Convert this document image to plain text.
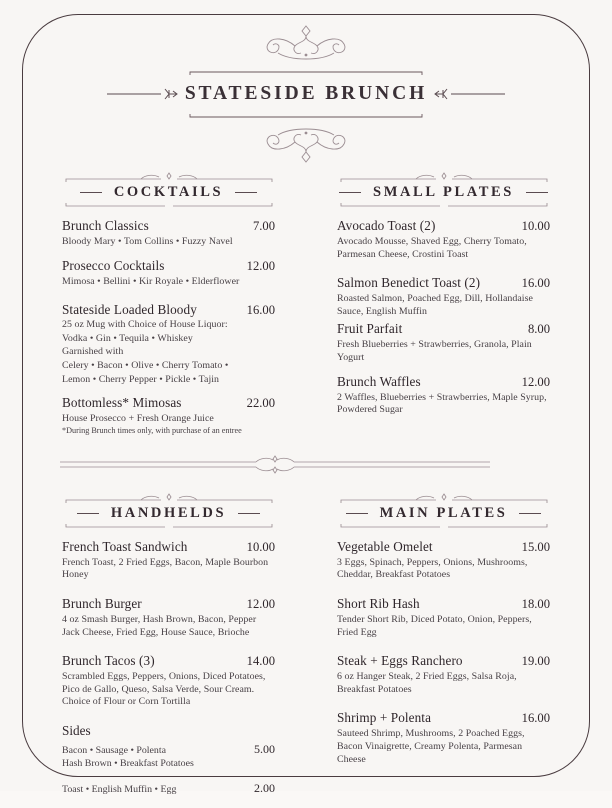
STATESIDE BRUNCH
COCKTAILS
Brunch Classics	7.00
Bloody Mary • Tom Collins • Fuzzy Navel
Prosecco Cocktails	12.00
Mimosa • Bellini • Kir Royale • Elderflower
Stateside Loaded Bloody	16.00
25 oz Mug with Choice of House Liquor:
Vodka • Gin • Tequila • Whiskey
Garnished with
Celery • Bacon • Olive • Cherry Tomato •
Lemon • Cherry Pepper • Pickle • Tajin
Bottomless* Mimosas	22.00
House Prosecco + Fresh Orange Juice
*During Brunch times only, with purchase of an entree
SMALL PLATES
Avocado Toast (2)	10.00
Avocado Mousse, Shaved Egg, Cherry Tomato, Parmesan Cheese, Crostini Toast
Salmon Benedict Toast (2)	16.00
Roasted Salmon, Poached Egg, Dill, Hollandaise Sauce, English Muffin
Fruit Parfait	8.00
Fresh Blueberries + Strawberries, Granola, Plain Yogurt
Brunch Waffles	12.00
2 Waffles, Blueberries + Strawberries, Maple Syrup, Powdered Sugar
HANDHELDS
French Toast Sandwich	10.00
French Toast, 2 Fried Eggs, Bacon, Maple Bourbon Honey
Brunch Burger	12.00
4 oz Smash Burger, Hash Brown, Bacon, Pepper Jack Cheese, Fried Egg, House Sauce, Brioche
Brunch Tacos (3)	14.00
Scrambled Eggs, Peppers, Onions, Diced Potatoes, Pico de Gallo, Queso, Salsa Verde, Sour Cream. Choice of Flour or Corn Tortilla
Sides
Bacon • Sausage • Polenta	5.00
Hash Brown • Breakfast Potatoes
Toast • English Muffin • Egg	2.00
MAIN PLATES
Vegetable Omelet	15.00
3 Eggs, Spinach, Peppers, Onions, Mushrooms, Cheddar, Breakfast Potatoes
Short Rib Hash	18.00
Tender Short Rib, Diced Potato, Onion, Peppers, Fried Egg
Steak + Eggs Ranchero	19.00
6 oz Hanger Steak, 2 Fried Eggs, Salsa Roja, Breakfast Potatoes
Shrimp + Polenta	16.00
Sauteed Shrimp, Mushrooms, 2 Poached Eggs, Bacon Vinaigrette, Creamy Polenta, Parmesan Cheese
